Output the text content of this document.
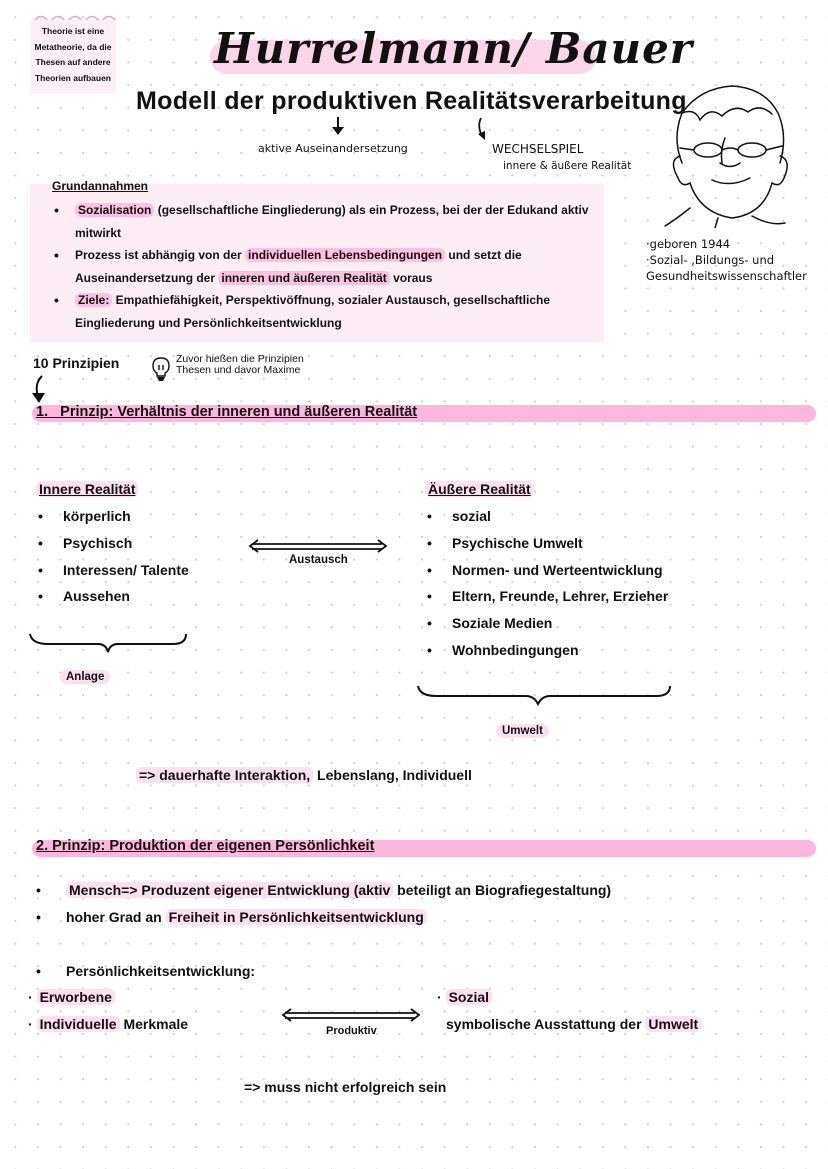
Theorie ist eine
Metatheorie, da die
Thesen auf andere
Theorien aufbauen
Hurrelmann/ Bauer
Modell der produktiven Realitätsverarbeitung
aktive Auseinandersetzung	WECHSELSPIEL
innere & äußere Realität
·geboren 1944
·Sozial- ,Bildungs- und
Gesundheitswissenschaftler
Grundannahmen
• Sozialisation (gesellschaftliche Eingliederung) als ein Prozess, bei der der Edukand aktiv mitwirkt
• Prozess ist abhängig von der individuellen Lebensbedingungen und setzt die Auseinandersetzung der inneren und äußeren Realität voraus
• Ziele: Empathiefähigkeit, Perspektivöffnung, sozialer Austausch, gesellschaftliche Eingliederung und Persönlichkeitsentwicklung
10 Prinzipien	Zuvor hießen die Prinzipien
Thesen und davor Maxime
1.   Prinzip: Verhältnis der inneren und äußeren Realität
Innere Realität
• körperlich
• Psychisch
• Interessen/ Talente
• Aussehen
Anlage
Austausch
Äußere Realität
• sozial
• Psychische Umwelt
• Normen- und Werteentwicklung
• Eltern, Freunde, Lehrer, Erzieher
• Soziale Medien
• Wohnbedingungen
Umwelt
=> dauerhafte Interaktion, Lebenslang, Individuell
2. Prinzip: Produktion der eigenen Persönlichkeit
• Mensch=> Produzent eigener Entwicklung (aktiv beteiligt an Biografiegestaltung)
• hoher Grad an Freiheit in Persönlichkeitsentwicklung
• Persönlichkeitsentwicklung:
· Erworbene
· Individuelle Merkmale	Produktiv
· Sozial
symbolische Ausstattung der Umwelt
=> muss nicht erfolgreich sein
